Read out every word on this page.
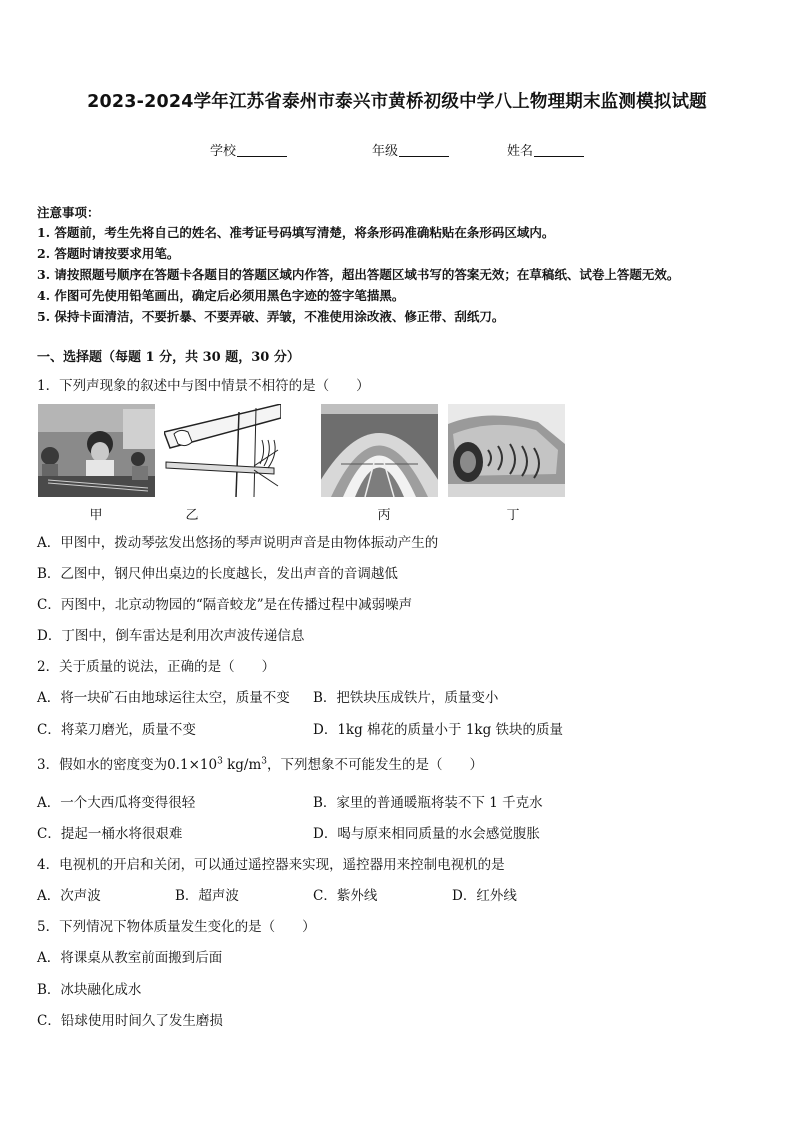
2023-2024学年江苏省泰州市泰兴市黄桥初级中学八上物理期末监测模拟试题
学校	年级	姓名
注意事项：
1. 答题前，考生先将自己的姓名、准考证号码填写清楚，将条形码准确粘贴在条形码区域内。
2. 答题时请按要求用笔。
3. 请按照题号顺序在答题卡各题目的答题区域内作答，超出答题区域书写的答案无效；在草稿纸、试卷上答题无效。
4. 作图可先使用铅笔画出，确定后必须用黑色字迹的签字笔描黑。
5. 保持卡面清洁，不要折暴、不要弄破、弄皱，不准使用涂改液、修正带、刮纸刀。
一、选择题（每题 1 分，共 30 题，30 分）
1．下列声现象的叙述中与图中情景不相符的是（　　）
甲	乙	丙	丁
A．甲图中，拨动琴弦发出悠扬的琴声说明声音是由物体振动产生的
B．乙图中，钢尺伸出桌边的长度越长，发出声音的音调越低
C．丙图中，北京动物园的“隔音蛟龙”是在传播过程中减弱噪声
D．丁图中，倒车雷达是利用次声波传递信息
2．关于质量的说法，正确的是（　　）
A．将一块矿石由地球运往太空，质量不变 B．把铁块压成铁片，质量变小
C．将菜刀磨光，质量不变	D．1kg 棉花的质量小于 1kg 铁块的质量
3．假如水的密度变为$0.1\times 10^3$ $kg/m^3$，下列想象不可能发生的是（　　）
A．一个大西瓜将变得很轻	B．家里的普通暖瓶将装不下 1 千克水
C．提起一桶水将很艰难	D．喝与原来相同质量的水会感觉腹胀
4．电视机的开启和关闭，可以通过遥控器来实现，遥控器用来控制电视机的是
A．次声波	B．超声波	C．紫外线	D．红外线
5．下列情况下物体质量发生变化的是（　　）
A．将课桌从教室前面搬到后面
B．冰块融化成水
C．铅球使用时间久了发生磨损
